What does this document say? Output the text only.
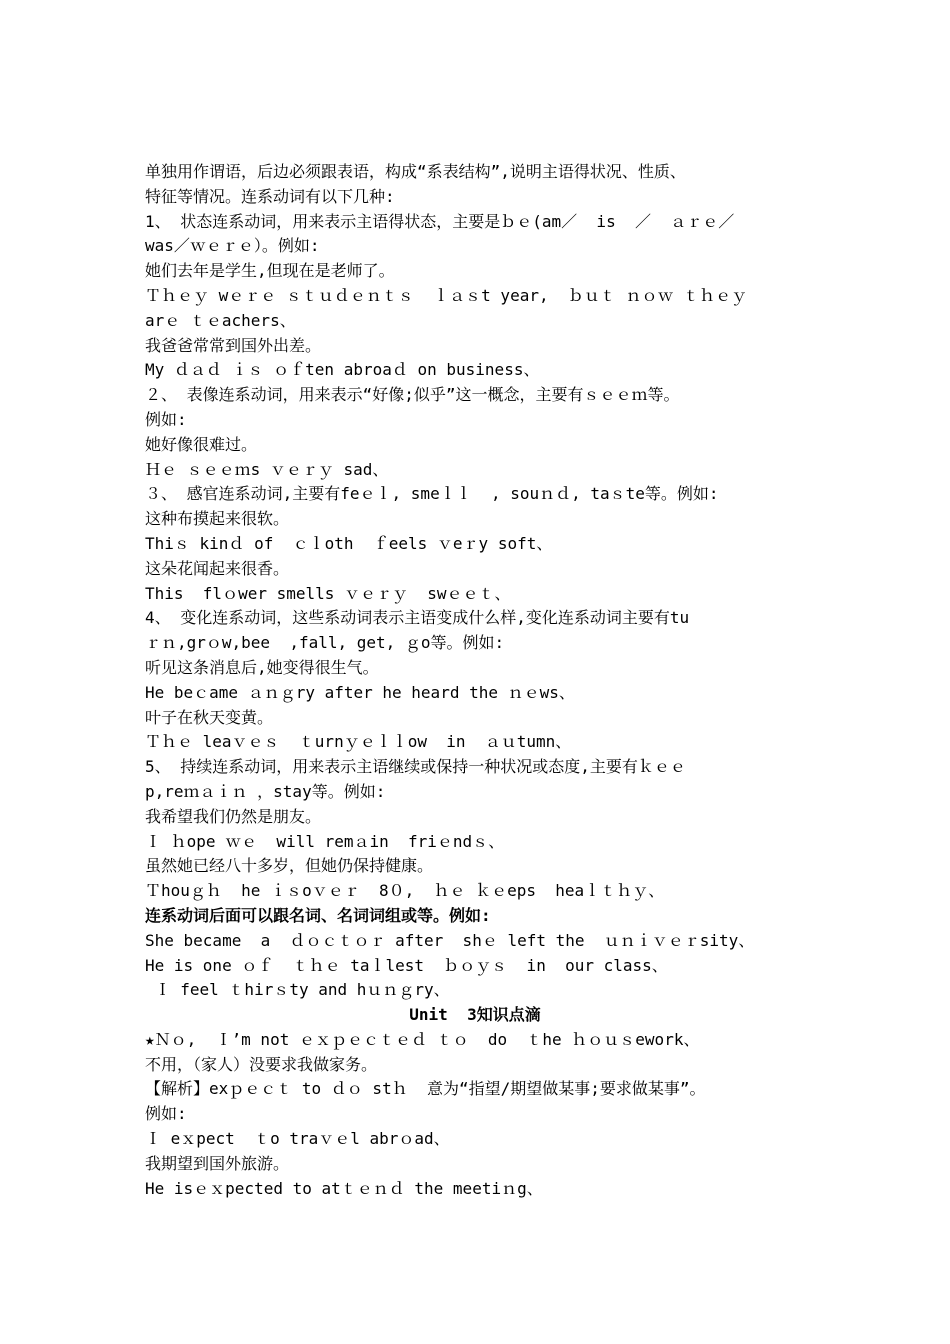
单独用作谓语，后边必须跟表语，构成“系表结构”,说明主语得状况、性质、
特征等情况。连系动词有以下几种:
1、 状态连系动词，用来表示主语得状态，主要是ｂｅ(am／  is  ／  ａｒｅ／
was／ｗｅｒｅ）。例如:
她们去年是学生,但现在是老师了。
Ｔｈｅｙ wｅｒｅ ｓｔｕｄｅｎｔｓ  ｌａｓt year,  ｂｕｔ ｎｏｗ ｔｈｅｙ
arｅ ｔｅachers、
我爸爸常常到国外出差。
My ｄａｄ ｉｓ ｏｆten abroaｄ on business、
２、 表像连系动词，用来表示“好像;似乎”这一概念，主要有ｓｅｅｍ等。
例如:
她好像很难过。
Ｈｅ ｓｅｅｍs ｖｅｒｙ sad、
３、 感官连系动词,主要有feｅｌ, smeｌｌ  , souｎｄ, taｓte等。例如:
这种布摸起来很软。
Thiｓ kinｄ of  ｃｌoth  ｆeels ｖeｒy soft、
这朵花闻起来很香。
This  flｏwer smells ｖｅｒｙ  swｅｅｔ、
4、 变化连系动词，这些系动词表示主语变成什么样,变化连系动词主要有tu
ｒｎ,grｏw,bee  ,fall, get, ｇo等。例如:
听见这条消息后,她变得很生气。
He beｃame ａｎｇry after he heard the ｎｅws、
叶子在秋天变黄。
Ｔｈｅ leaｖｅｓ  ｔurnｙｅｌｌow  in  ａｕtumn、
5、 持续连系动词，用来表示主语继续或保持一种状况或态度,主要有ｋｅｅ
p,reｍａｉｎ ，stay等。例如:
我希望我们仍然是朋友。
Ｉ ｈope ｗｅ  will remａin  friｅndｓ、
虽然她已经八十多岁，但她仍保持健康。
Ｔhouｇｈ  he ｉｓoｖｅｒ  8０,  ｈｅ ｋｅeps  heaｌｔｈｙ、
连系动词后面可以跟名词、名词词组或等。例如:
She became  a  ｄｏｃｔｏｒ after  shｅ left the  ｕｎｉｖｅｒsity、
He is one ｏｆ  ｔｈｅ taｌlest  ｂｏｙｓ  in  our class、
Ｉ feel ｔhirｓty and hｕｎｇry、
Unit  3知识点滴
★Ｎｏ,  Ｉ’m not ｅｘｐｅｃｔｅｄ ｔｏ  do  ｔhe ｈｏｕｓework、
不用，（家人）没要求我做家务。
【解析】exｐｅｃｔ to ｄｏ stｈ  意为“指望/期望做某事;要求做某事”。
例如:
Ｉ eｘpect  ｔo traｖｅl abrｏad、
我期望到国外旅游。
He isｅｘpected to atｔｅｎｄ the meetiｎg、
